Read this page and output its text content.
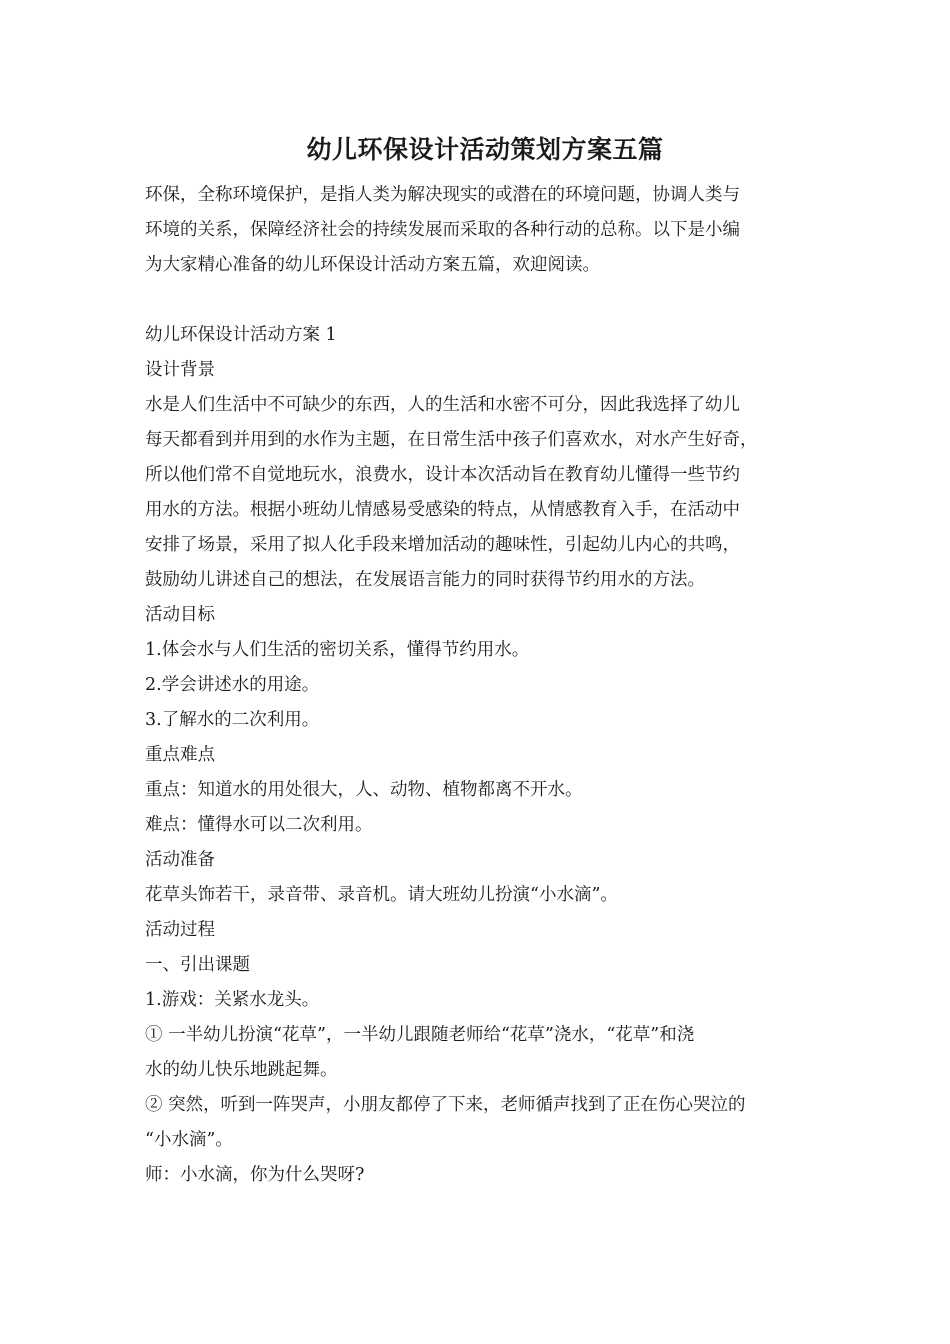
幼儿环保设计活动策划方案五篇

环保，全称环境保护，是指人类为解决现实的或潜在的环境问题，协调人类与

环境的关系，保障经济社会的持续发展而采取的各种行动的总称。以下是小编

为大家精心准备的幼儿环保设计活动方案五篇，欢迎阅读。

幼儿环保设计活动方案 1

设计背景

水是人们生活中不可缺少的东西，人的生活和水密不可分，因此我选择了幼儿

每天都看到并用到的水作为主题，在日常生活中孩子们喜欢水，对水产生好奇，

所以他们常不自觉地玩水，浪费水，设计本次活动旨在教育幼儿懂得一些节约

用水的方法。根据小班幼儿情感易受感染的特点，从情感教育入手，在活动中

安排了场景，采用了拟人化手段来增加活动的趣味性，引起幼儿内心的共鸣，

鼓励幼儿讲述自己的想法，在发展语言能力的同时获得节约用水的方法。

活动目标

1.体会水与人们生活的密切关系，懂得节约用水。

2.学会讲述水的用途。

3.了解水的二次利用。

重点难点

重点：知道水的用处很大，人、动物、植物都离不开水。

难点：懂得水可以二次利用。

活动准备

花草头饰若干，录音带、录音机。请大班幼儿扮演“小水滴”。

活动过程

一、引出课题

1.游戏：关紧水龙头。

① 一半幼儿扮演“花草”，一半幼儿跟随老师给“花草”浇水，“花草”和浇

水的幼儿快乐地跳起舞。

② 突然，听到一阵哭声，小朋友都停了下来，老师循声找到了正在伤心哭泣的

“小水滴”。

师：小水滴，你为什么哭呀?
